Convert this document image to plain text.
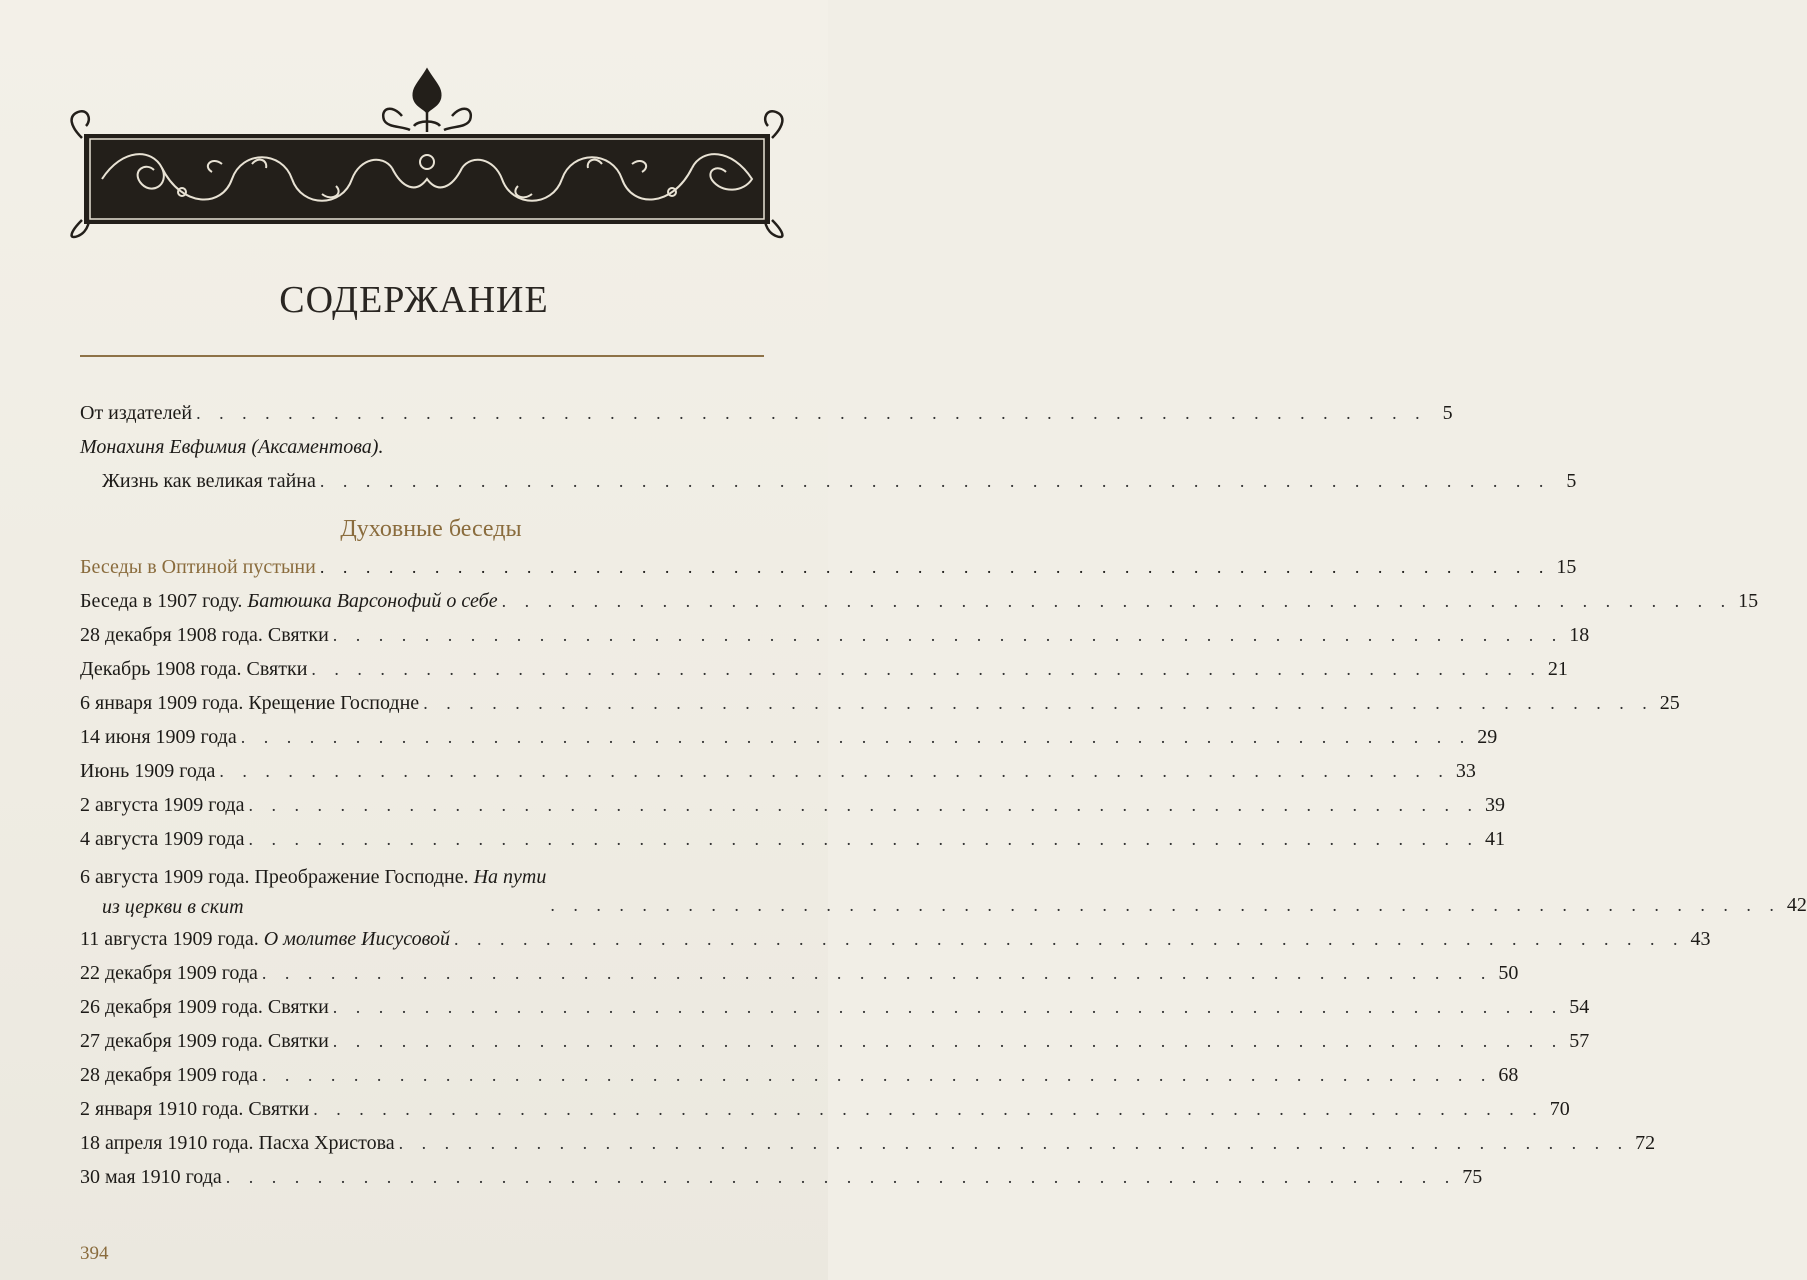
СОДЕРЖАНИЕ
От издателей . . . . . . . . . . . . . . . . . . . . . . . . . . . . . . . . . . . . . . . . . . . . . . . . . . . . . . 5
Монахиня Евфимия (Аксаментова).
Жизнь как великая тайна . . . . . . . . . . . . . . . . . . . . . . . . . . . . . . . . . . . . . . . . . . . . . . . . . . . . . . 5
Духовные беседы
Беседы в Оптиной пустыни . . . . . . . . . . . . . . . . . . . . . . . . . . . . . . . . . . . . . . . . . . . . . . . . . . . . . . 15
Беседа в 1907 году. Батюшка Варсонофий о себе . . . . . . . . . . . . . . . . . . . . . . . . . . . . . . . . . . . . . . . . . . . . . . . . . . . . . . 15
28 декабря 1908 года. Святки . . . . . . . . . . . . . . . . . . . . . . . . . . . . . . . . . . . . . . . . . . . . . . . . . . . . . . 18
Декабрь 1908 года. Святки . . . . . . . . . . . . . . . . . . . . . . . . . . . . . . . . . . . . . . . . . . . . . . . . . . . . . . 21
6 января 1909 года. Крещение Господне . . . . . . . . . . . . . . . . . . . . . . . . . . . . . . . . . . . . . . . . . . . . . . . . . . . . . . 25
14 июня 1909 года . . . . . . . . . . . . . . . . . . . . . . . . . . . . . . . . . . . . . . . . . . . . . . . . . . . . . . 29
Июнь 1909 года . . . . . . . . . . . . . . . . . . . . . . . . . . . . . . . . . . . . . . . . . . . . . . . . . . . . . . 33
2 августа 1909 года . . . . . . . . . . . . . . . . . . . . . . . . . . . . . . . . . . . . . . . . . . . . . . . . . . . . . . 39
4 августа 1909 года . . . . . . . . . . . . . . . . . . . . . . . . . . . . . . . . . . . . . . . . . . . . . . . . . . . . . . 41
6 августа 1909 года. Преображение Господне. На пути
из церкви в скит	. . . . . . . . . . . . . . . . . . . . . . . . . . . . . . . . . . . . . . . . . . . . . . . . . . . . . . 42
11 августа 1909 года. О молитве Иисусовой . . . . . . . . . . . . . . . . . . . . . . . . . . . . . . . . . . . . . . . . . . . . . . . . . . . . . . 43
22 декабря 1909 года . . . . . . . . . . . . . . . . . . . . . . . . . . . . . . . . . . . . . . . . . . . . . . . . . . . . . . 50
26 декабря 1909 года. Святки . . . . . . . . . . . . . . . . . . . . . . . . . . . . . . . . . . . . . . . . . . . . . . . . . . . . . . 54
27 декабря 1909 года. Святки . . . . . . . . . . . . . . . . . . . . . . . . . . . . . . . . . . . . . . . . . . . . . . . . . . . . . . 57
28 декабря 1909 года . . . . . . . . . . . . . . . . . . . . . . . . . . . . . . . . . . . . . . . . . . . . . . . . . . . . . . 68
2 января 1910 года. Святки . . . . . . . . . . . . . . . . . . . . . . . . . . . . . . . . . . . . . . . . . . . . . . . . . . . . . . 70
18 апреля 1910 года. Пасха Христова . . . . . . . . . . . . . . . . . . . . . . . . . . . . . . . . . . . . . . . . . . . . . . . . . . . . . . 72
30 мая 1910 года . . . . . . . . . . . . . . . . . . . . . . . . . . . . . . . . . . . . . . . . . . . . . . . . . . . . . . 75
394
